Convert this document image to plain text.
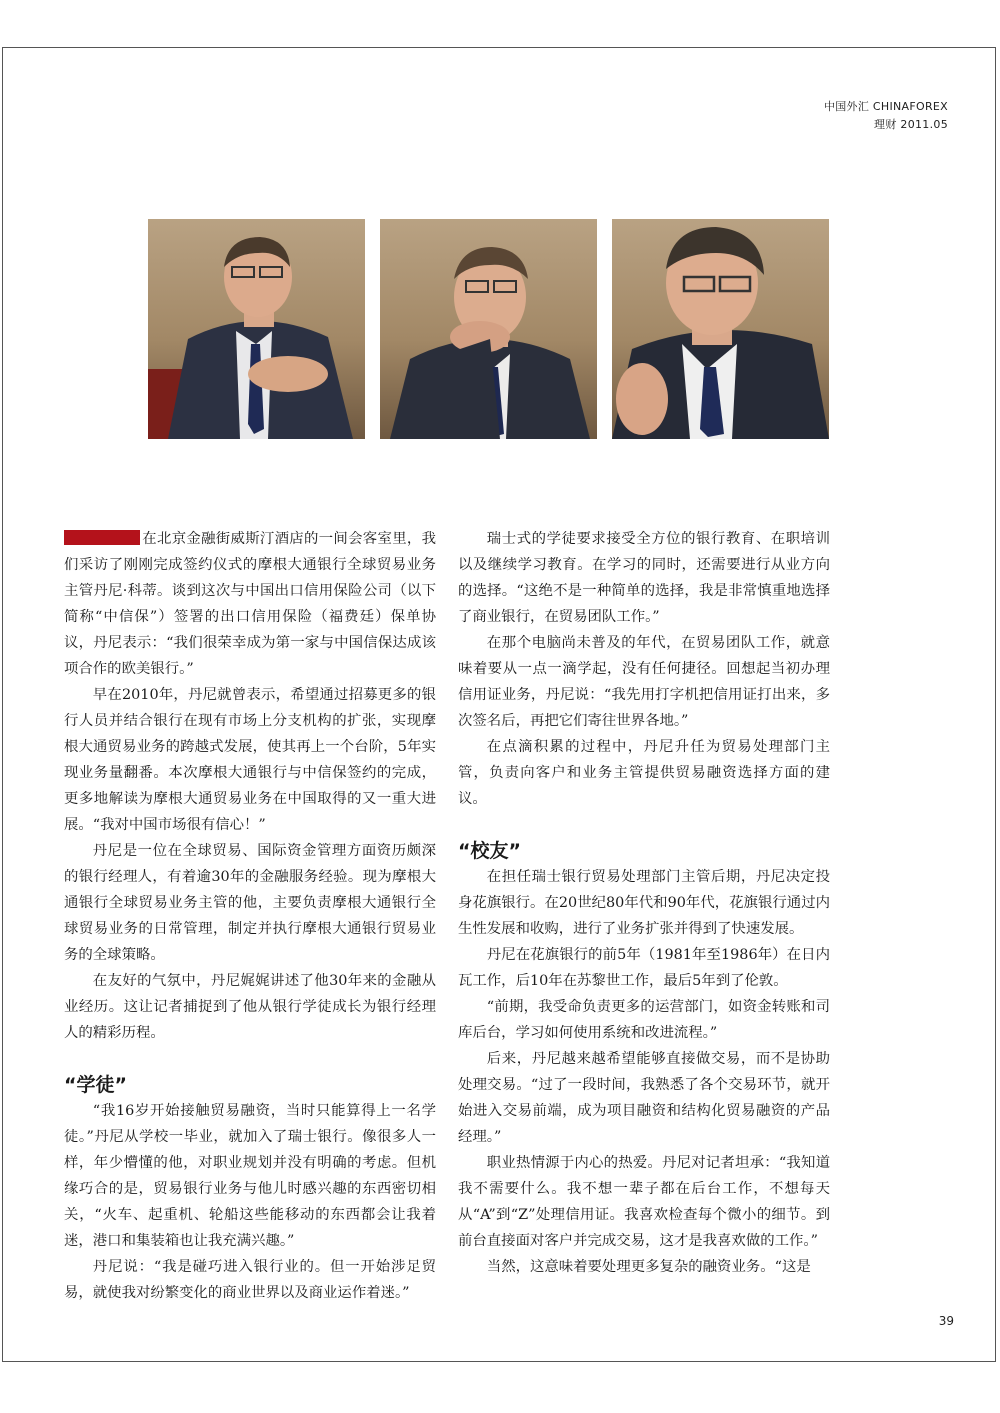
中国外汇 CHINAFOREX
理财 2011.05

在北京金融街威斯汀酒店的一间会客室里，我们采访了刚刚完成签约仪式的摩根大通银行全球贸易业务主管丹尼·科蒂。谈到这次与中国出口信用保险公司（以下简称“中信保”）签署的出口信用保险（福费廷）保单协议，丹尼表示：“我们很荣幸成为第一家与中国信保达成该项合作的欧美银行。”

早在2010年，丹尼就曾表示，希望通过招募更多的银行人员并结合银行在现有市场上分支机构的扩张，实现摩根大通贸易业务的跨越式发展，使其再上一个台阶，5年实现业务量翻番。本次摩根大通银行与中信保签约的完成，更多地解读为摩根大通贸易业务在中国取得的又一重大进展。“我对中国市场很有信心！”

丹尼是一位在全球贸易、国际资金管理方面资历颇深的银行经理人，有着逾30年的金融服务经验。现为摩根大通银行全球贸易业务主管的他，主要负责摩根大通银行全球贸易业务的日常管理，制定并执行摩根大通银行贸易业务的全球策略。

在友好的气氛中，丹尼娓娓讲述了他30年来的金融从业经历。这让记者捕捉到了他从银行学徒成长为银行经理人的精彩历程。

“学徒”

“我16岁开始接触贸易融资，当时只能算得上一名学徒。”丹尼从学校一毕业，就加入了瑞士银行。像很多人一样，年少懵懂的他，对职业规划并没有明确的考虑。但机缘巧合的是，贸易银行业务与他儿时感兴趣的东西密切相关，“火车、起重机、轮船这些能移动的东西都会让我着迷，港口和集装箱也让我充满兴趣。”

丹尼说：“我是碰巧进入银行业的。但一开始涉足贸易，就使我对纷繁变化的商业世界以及商业运作着迷。”

瑞士式的学徒要求接受全方位的银行教育、在职培训以及继续学习教育。在学习的同时，还需要进行从业方向的选择。“这绝不是一种简单的选择，我是非常慎重地选择了商业银行，在贸易团队工作。”

在那个电脑尚未普及的年代，在贸易团队工作，就意味着要从一点一滴学起，没有任何捷径。回想起当初办理信用证业务，丹尼说：“我先用打字机把信用证打出来，多次签名后，再把它们寄往世界各地。”

在点滴积累的过程中，丹尼升任为贸易处理部门主管，负责向客户和业务主管提供贸易融资选择方面的建议。

“校友”

在担任瑞士银行贸易处理部门主管后期，丹尼决定投身花旗银行。在20世纪80年代和90年代，花旗银行通过内生性发展和收购，进行了业务扩张并得到了快速发展。

丹尼在花旗银行的前5年（1981年至1986年）在日内瓦工作，后10年在苏黎世工作，最后5年到了伦敦。

“前期，我受命负责更多的运营部门，如资金转账和司库后台，学习如何使用系统和改进流程。”

后来，丹尼越来越希望能够直接做交易，而不是协助处理交易。“过了一段时间，我熟悉了各个交易环节，就开始进入交易前端，成为项目融资和结构化贸易融资的产品经理。”

职业热情源于内心的热爱。丹尼对记者坦承：“我知道我不需要什么。我不想一辈子都在后台工作，不想每天从“A”到“Z”处理信用证。我喜欢检查每个微小的细节。到前台直接面对客户并完成交易，这才是我喜欢做的工作。”

当然，这意味着要处理更多复杂的融资业务。“这是

39
